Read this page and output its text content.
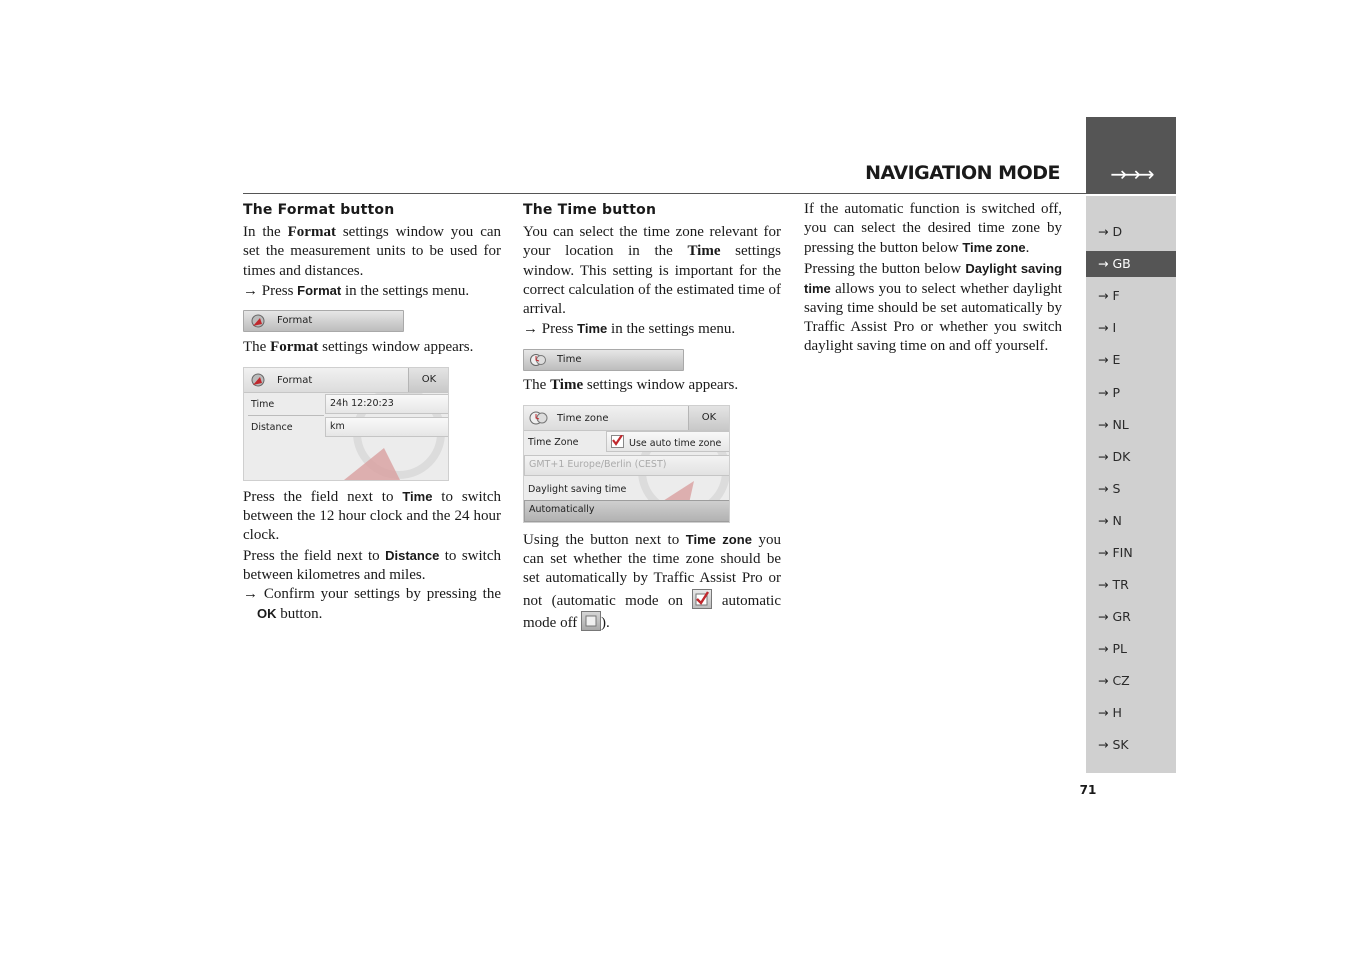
→→→
NAVIGATION MODE
→ D
→ GB
→ F
→ I
→ E
→ P
→ NL
→ DK
→ S
→ N
→ FIN
→ TR
→ GR
→ PL
→ CZ
→ H
→ SK
71
The Format button

In the Format settings window you can set the measurement units to be used for times and distances.

→ Press Format in the settings menu.

Format

The Format settings window appears.

Format	OK
Time	24h 12:20:23
Distance	km

Press the field next to Time to switch between the 12 hour clock and the 24 hour clock.

Press the field next to Distance to switch between kilometres and miles.

→ Confirm your settings by pressing the OK button.

The Time button

You can select the time zone relevant for your location in the Time settings window. This setting is important for the correct calculation of the estimated time of arrival.

→ Press Time in the settings menu.

Time

The Time settings window appears.

Time zone	OK
Time Zone	Use auto time zone
GMT+1 Europe/Berlin (CEST)
Daylight saving time
Automatically

Using the button next to Time zone you can set whether the time zone should be set automatically by Traffic Assist Pro or not (automatic mode on
automatic mode off
).

If the automatic function is switched off, you can select the desired time zone by pressing the button below Time zone.

Pressing the button below Daylight saving time allows you to select whether daylight saving time should be set automatically by Traffic Assist Pro or whether you switch daylight saving time on and off yourself.
